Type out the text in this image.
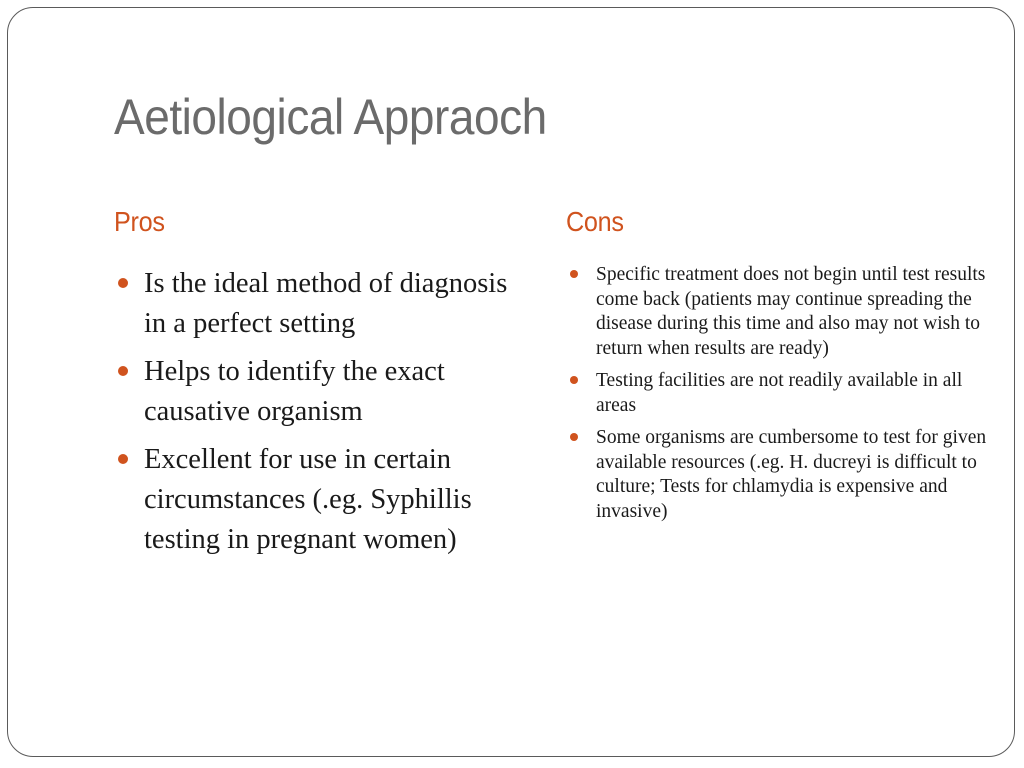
Aetiological Appraoch
Pros
Is the ideal method of diagnosis in a perfect setting
Helps to identify the exact causative organism
Excellent for use in certain circumstances (.eg. Syphillis testing in pregnant women)
Cons
Specific treatment does not begin until test results come back (patients may continue spreading the disease during this time and also may not wish to return when results are ready)
Testing facilities are not readily available in all areas
Some organisms are cumbersome to test for given available resources (.eg. H. ducreyi is difficult to culture; Tests for chlamydia is expensive and invasive)
